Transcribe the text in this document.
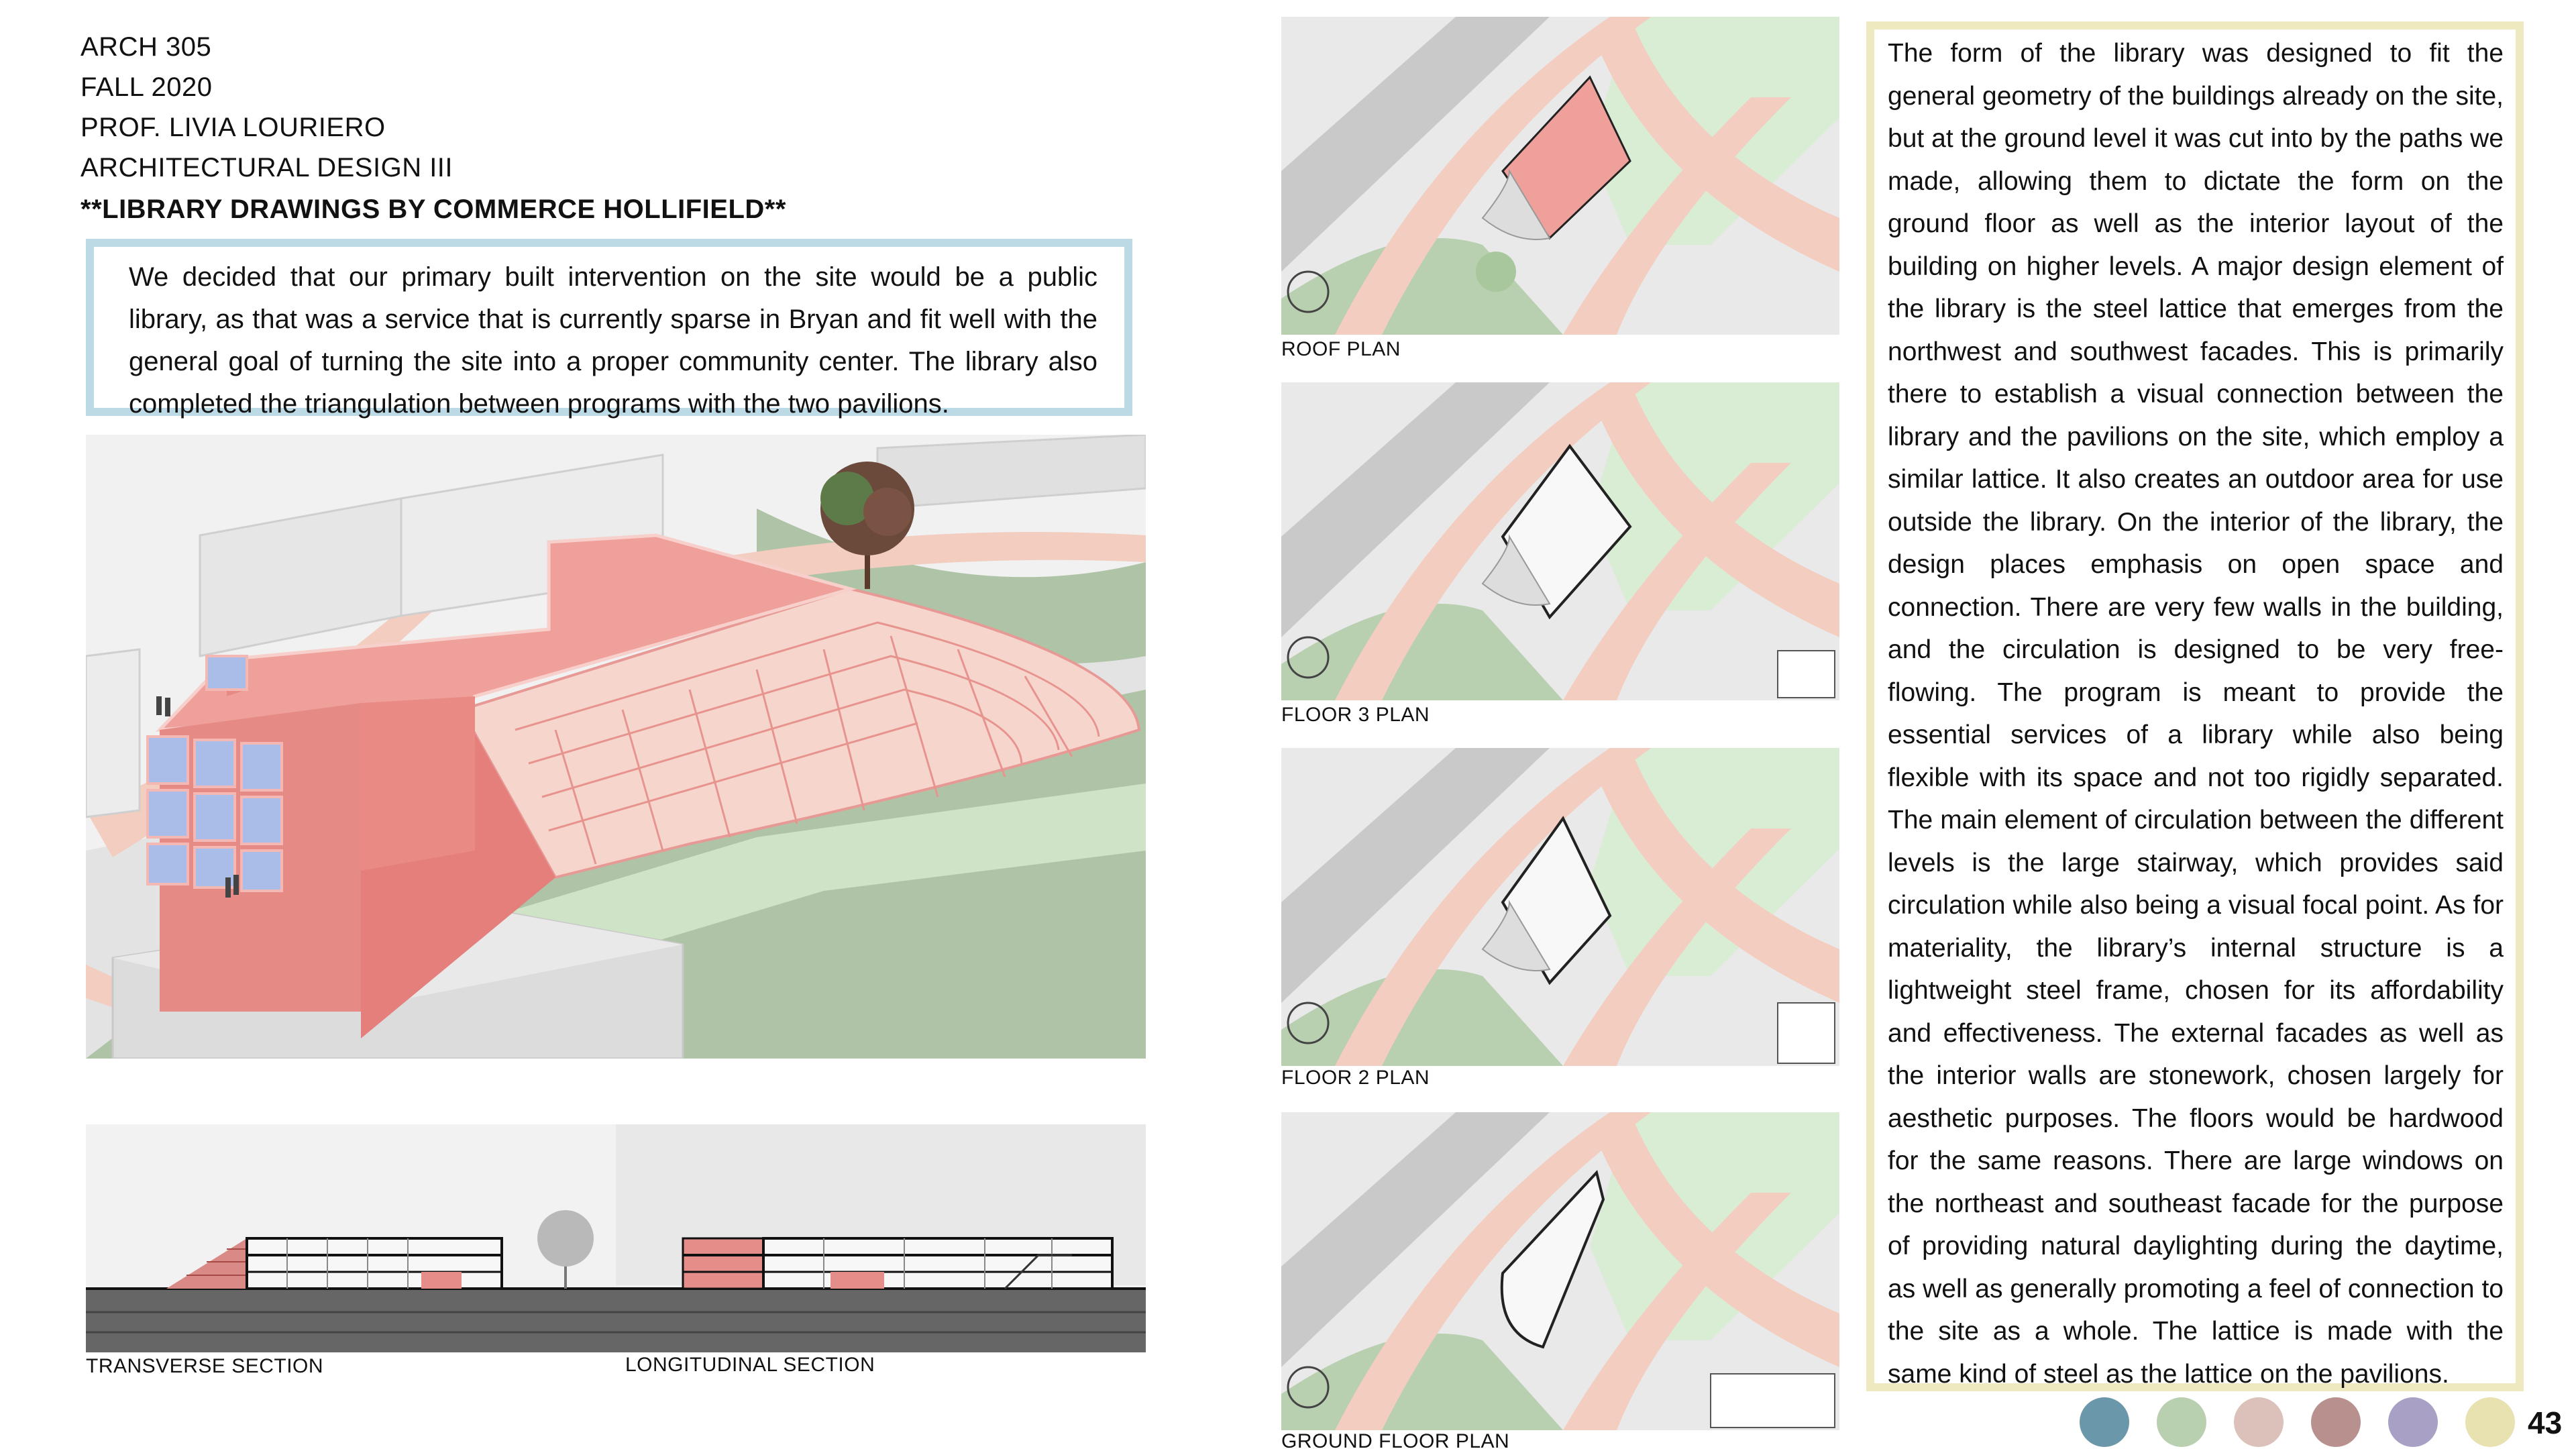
ARCH 305
FALL 2020
PROF. LIVIA LOURIERO
ARCHITECTURAL DESIGN III
**LIBRARY DRAWINGS BY COMMERCE HOLLIFIELD**
We decided that our primary built intervention on the site would be a public library, as that was a service that is currently sparse in Bryan and fit well with the general goal of turning the site into a proper community center. The library also completed the triangulation between programs with the two pavilions.
TRANSVERSE SECTION	LONGITUDINAL SECTION
ROOF PLAN
FLOOR 3 PLAN
FLOOR 2 PLAN
GROUND FLOOR PLAN
The form of the library was designed to fit the general geometry of the buildings already on the site, but at the ground level it was cut into by the paths we made, allowing them to dictate the form on the ground floor as well as the interior layout of the building on higher levels. A major design element of the library is the steel lattice that emerges from the northwest and southwest facades. This is primarily there to establish a visual connection between the library and the pavilions on the site, which employ a similar lattice. It also creates an outdoor area for use outside the library. On the interior of the library, the design places emphasis on open space and connection. There are very few walls in the building, and the circulation is designed to be very free-flowing. The program is meant to provide the essential services of a library while also being flexible with its space and not too rigidly separated. The main element of circulation between the different levels is the large stairway, which provides said circulation while also being a visual focal point. As for materiality, the library’s internal structure is a lightweight steel frame, chosen for its affordability and effectiveness. The external facades as well as the interior walls are stonework, chosen largely for aesthetic purposes. The floors would be hardwood for the same reasons. There are large windows on the northeast and southeast facade for the purpose of providing natural daylighting during the daytime, as well as generally promoting a feel of connection to the site as a whole. The lattice is made with the same kind of steel as the lattice on the pavilions.
43
